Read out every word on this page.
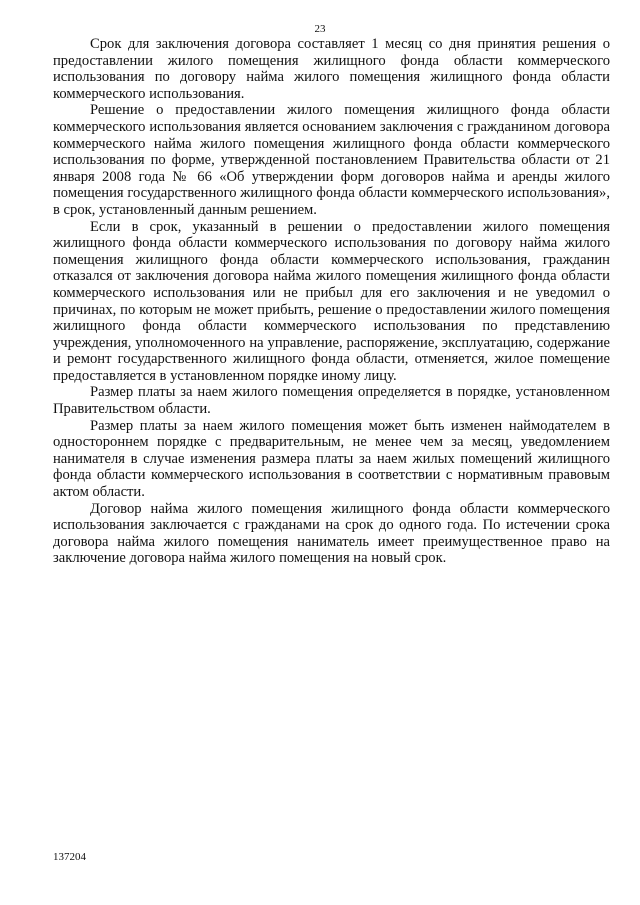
23

Срок для заключения договора составляет 1 месяц со дня принятия решения о предоставлении жилого помещения жилищного фонда области коммерческого использования по договору найма жилого помещения жилищного фонда области коммерческого использования.

Решение о предоставлении жилого помещения жилищного фонда области коммерческого использования является основанием заключения с гражданином договора коммерческого найма жилого помещения жилищного фонда области коммерческого использования по форме, утвержденной постановлением Правительства области от 21 января 2008 года № 66 «Об утверждении форм договоров найма и аренды жилого помещения государственного жилищного фонда области коммерческого использования», в срок, установленный данным решением.

Если в срок, указанный в решении о предоставлении жилого помещения жилищного фонда области коммерческого использования по договору найма жилого помещения жилищного фонда области коммерческого использования, гражданин отказался от заключения договора найма жилого помещения жилищного фонда области коммерческого использования или не прибыл для его заключения и не уведомил о причинах, по которым не может прибыть, решение о предоставлении жилого помещения жилищного фонда области коммерческого использования по представлению учреждения, уполномоченного на управление, распоряжение, эксплуатацию, содержание и ремонт государственного жилищного фонда области, отменяется, жилое помещение предоставляется в установленном порядке иному лицу.

Размер платы за наем жилого помещения определяется в порядке, установленном Правительством области.

Размер платы за наем жилого помещения может быть изменен наймодателем в одностороннем порядке с предварительным, не менее чем за месяц, уведомлением нанимателя в случае изменения размера платы за наем жилых помещений жилищного фонда области коммерческого использования в соответствии с нормативным правовым актом области.

Договор найма жилого помещения жилищного фонда области коммерческого использования заключается с гражданами на срок до одного года. По истечении срока договора найма жилого помещения наниматель имеет преимущественное право на заключение договора найма жилого помещения на новый срок.

137204
